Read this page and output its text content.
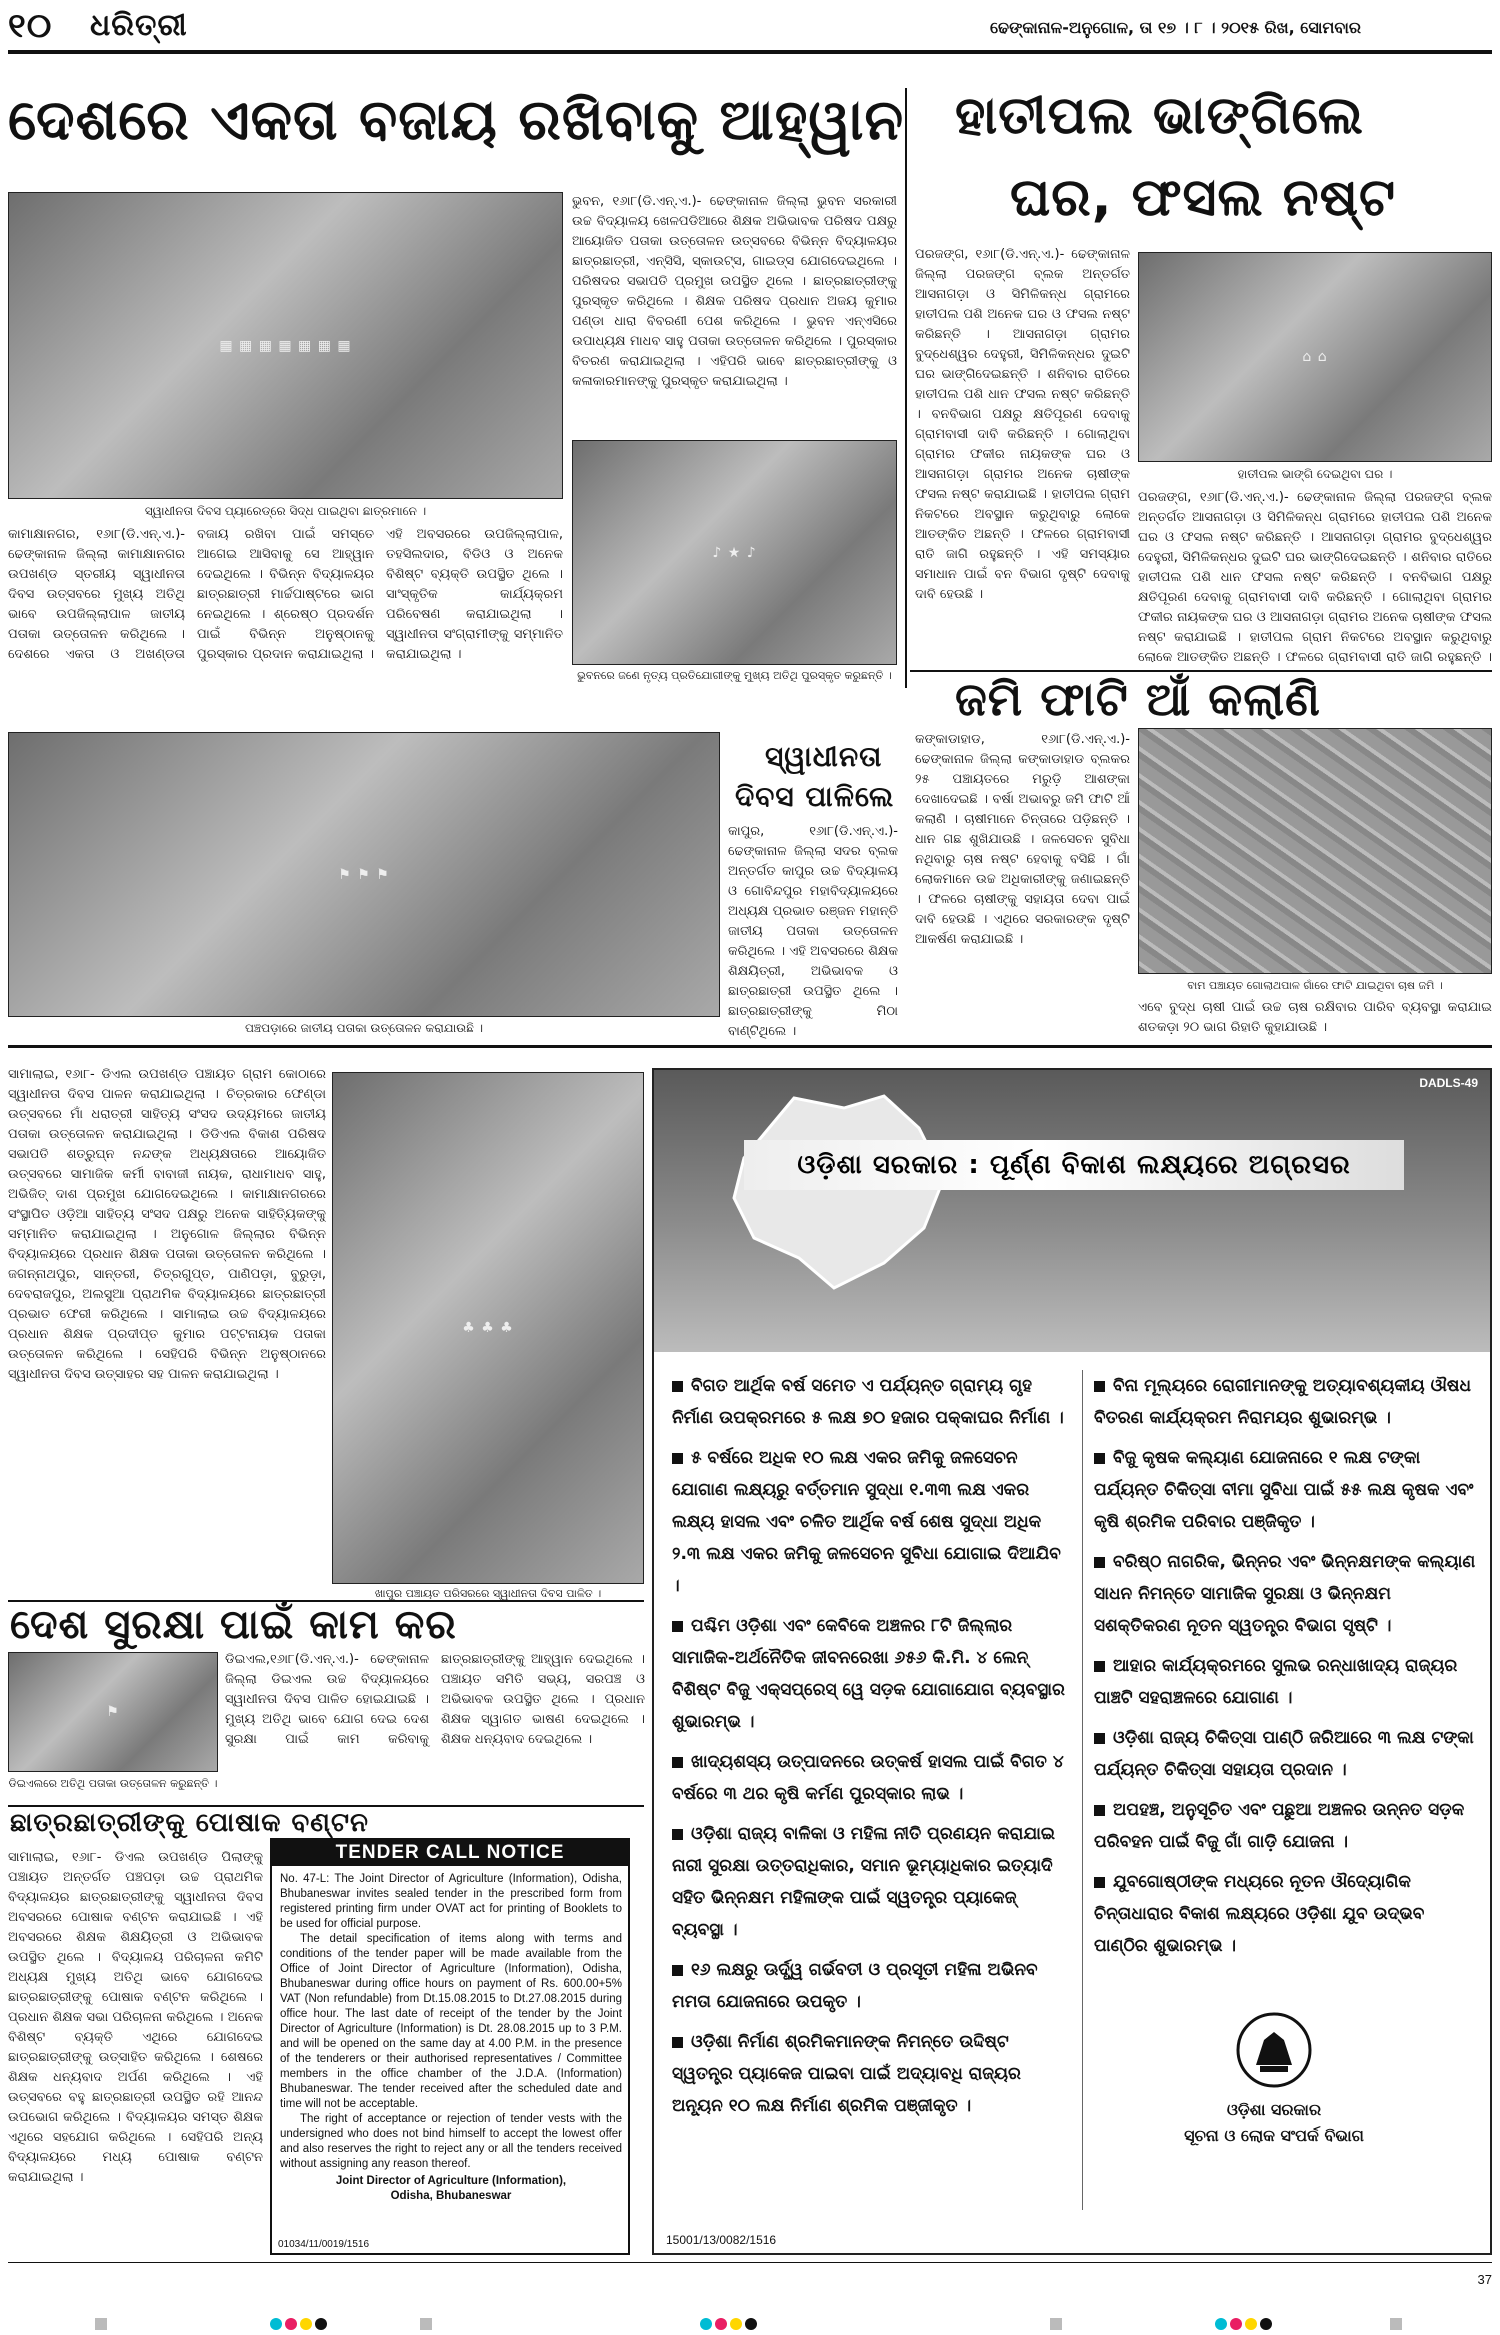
୧୦ ଧରିତ୍ରୀ	ଢେଙ୍କାନାଳ-ଅନୁଗୋଳ, ତା ୧୭ । ୮ । ୨୦୧୫ ରିଖ, ସୋମବାର
ଦେଶରେ ଏକତା ବଜାୟ ରଖିବାକୁ ଆହ୍ୱାନ ହାତୀପଲ ଭାଙ୍ଗିଲେ
ଘର, ଫସଲ ନଷ୍ଟ
▦ ▦ ▦ ▦ ▦ ▦ ▦
ସ୍ୱାଧୀନତା ଦିବସ ପ୍ୟାରେଡ୍‌ରେ ସିଦ୍ଧ ପାଇଥିବା ଛାତ୍ରମାନେ ।
ଭୁବନ, ୧୬ା୮(ଡି.ଏନ୍‌.ଏ.)- ଢେଙ୍କାନାଳ ଜିଲ୍ଲା ଭୁବନ ସରକାରୀ ଉଚ୍ଚ ବିଦ୍ୟାଳୟ ଖେଳପଡିଆରେ ଶିକ୍ଷକ ଅଭିଭାବକ ପରିଷଦ ପକ୍ଷରୁ ଆୟୋଜିତ ପତାକା ଉତ୍ତୋଳନ ଉତ୍ସବରେ ବିଭିନ୍ନ ବିଦ୍ୟାଳୟର ଛାତ୍ରଛାତ୍ରୀ, ଏନ୍‌ସିସି, ସ୍କାଉଟ୍ସ, ଗାଇଡ୍ସ ଯୋଗଦେଇଥିଲେ । ପରିଷଦର ସଭାପତି ପ୍ରମୁଖ ଉପସ୍ଥିତ ଥିଲେ । ଛାତ୍ରଛାତ୍ରୀଙ୍କୁ ପୁରସ୍କୃତ କରିଥିଲେ । ଶିକ୍ଷକ ପରିଷଦ ପ୍ରଧାନ ଅଜୟ କୁମାର ପଣ୍ଡା ଧାରା ବିବରଣୀ ପେଶ କରିଥିଲେ । ଭୁବନ ଏନ୍‌ଏସିରେ ଉପାଧ୍ୟକ୍ଷ ମାଧବ ସାହୁ ପତାକା ଉତ୍ତୋଳନ କରିଥିଲେ । ପୁରସ୍କାର ବିତରଣ କରାଯାଇଥିଲା । ଏହିପରି ଭାବେ ଛାତ୍ରଛାତ୍ରୀଙ୍କୁ ଓ କଳାକାରମାନଙ୍କୁ ପୁରସ୍କୃତ କରାଯାଇଥିଲା ।
♪ ★ ♪
ଭୁବନରେ ଜଣେ ନୃତ୍ୟ ପ୍ରତିଯୋଗୀଙ୍କୁ ମୁଖ୍ୟ ଅତିଥି ପୁରସ୍କୃତ କରୁଛନ୍ତି ।
କାମାକ୍ଷାନଗର, ୧୬ା୮(ଡି.ଏନ୍‌.ଏ.)- ଢେଙ୍କାନାଳ ଜିଲ୍ଲା କାମାକ୍ଷାନଗର ଉପଖଣ୍ଡ ସ୍ତରୀୟ ସ୍ୱାଧୀନତା ଦିବସ ଉତ୍ସବରେ ମୁଖ୍ୟ ଅତିଥି ଭାବେ ଉପଜିଲ୍ଲାପାଳ ଜାତୀୟ ପତାକା ଉତ୍ତୋଳନ କରିଥିଲେ । ଦେଶରେ ଏକତା ଓ ଅଖଣ୍ଡତା ବଜାୟ ରଖିବା ପାଇଁ ସମସ୍ତେ ଆଗେଇ ଆସିବାକୁ ସେ ଆହ୍ୱାନ ଦେଇଥିଲେ । ବିଭିନ୍ନ ବିଦ୍ୟାଳୟର ଛାତ୍ରଛାତ୍ରୀ ମାର୍ଚ୍ଚପାଷ୍ଟରେ ଭାଗ ନେଇଥିଲେ । ଶ୍ରେଷ୍ଠ ପ୍ରଦର୍ଶନ ପାଇଁ ବିଭିନ୍ନ ଅନୁଷ୍ଠାନକୁ ପୁରସ୍କାର ପ୍ରଦାନ କରାଯାଇଥିଲା । ଏହି ଅବସରରେ ଉପଜିଲ୍ଲାପାଳ, ତହସିଲଦାର, ବିଡିଓ ଓ ଅନେକ ବିଶିଷ୍ଟ ବ୍ୟକ୍ତି ଉପସ୍ଥିତ ଥିଲେ । ସାଂସ୍କୃତିକ କାର୍ଯ୍ୟକ୍ରମ ପରିବେଷଣ କରାଯାଇଥିଲା । ସ୍ୱାଧୀନତା ସଂଗ୍ରାମୀଙ୍କୁ ସମ୍ମାନିତ କରାଯାଇଥିଲା ।
ପରଜଙ୍ଗ, ୧୬ା୮(ଡି.ଏନ୍‌.ଏ.)- ଢେଙ୍କାନାଳ ଜିଲ୍ଲା ପରଜଙ୍ଗ ବ୍ଲକ ଅନ୍ତର୍ଗତ ଆସନାଗଡ଼ା ଓ ସିମିଳିକନ୍ଧ ଗ୍ରାମରେ ହାତୀପଲ ପଶି ଅନେକ ଘର ଓ ଫସଲ ନଷ୍ଟ କରିଛନ୍ତି । ଆସନାଗଡ଼ା ଗ୍ରାମର ବୁଦ୍ଧେଶ୍ୱର ଦେହୁରୀ, ସିମିଳିକନ୍ଧର ଦୁଇଟି ଘର ଭାଙ୍ଗିଦେଇଛନ୍ତି । ଶନିବାର ରାତିରେ ହାତୀପଲ ପଶି ଧାନ ଫସଲ ନଷ୍ଟ କରିଛନ୍ତି । ବନବିଭାଗ ପକ୍ଷରୁ କ୍ଷତିପୂରଣ ଦେବାକୁ ଗ୍ରାମବାସୀ ଦାବି କରିଛନ୍ତି । ଗୋଲାଥିବା ଗ୍ରାମର ଫକୀର ନାୟକଙ୍କ ଘର ଓ ଆସନାଗଡ଼ା ଗ୍ରାମର ଅନେକ ଚାଷୀଙ୍କ ଫସଲ ନଷ୍ଟ କରାଯାଇଛି । ହାତୀପଲ ଗ୍ରାମ ନିକଟରେ ଅବସ୍ଥାନ କରୁଥିବାରୁ ଲୋକେ ଆତଙ୍କିତ ଅଛନ୍ତି । ଫଳରେ ଗ୍ରାମବାସୀ ରାତି ଜାଗି ରହୁଛନ୍ତି । ଏହି ସମସ୍ୟାର ସମାଧାନ ପାଇଁ ବନ ବିଭାଗ ଦୃଷ୍ଟି ଦେବାକୁ ଦାବି ହେଉଛି ।
⌂ ⌂
ହାତୀପଲ ଭାଙ୍ଗି ଦେଇଥିବା ଘର ।
ପରଜଙ୍ଗ, ୧୬ା୮(ଡି.ଏନ୍‌.ଏ.)- ଢେଙ୍କାନାଳ ଜିଲ୍ଲା ପରଜଙ୍ଗ ବ୍ଲକ ଅନ୍ତର୍ଗତ ଆସନାଗଡ଼ା ଓ ସିମିଳିକନ୍ଧ ଗ୍ରାମରେ ହାତୀପଲ ପଶି ଅନେକ ଘର ଓ ଫସଲ ନଷ୍ଟ କରିଛନ୍ତି । ଆସନାଗଡ଼ା ଗ୍ରାମର ବୁଦ୍ଧେଶ୍ୱର ଦେହୁରୀ, ସିମିଳିକନ୍ଧର ଦୁଇଟି ଘର ଭାଙ୍ଗିଦେଇଛନ୍ତି । ଶନିବାର ରାତିରେ ହାତୀପଲ ପଶି ଧାନ ଫସଲ ନଷ୍ଟ କରିଛନ୍ତି । ବନବିଭାଗ ପକ୍ଷରୁ କ୍ଷତିପୂରଣ ଦେବାକୁ ଗ୍ରାମବାସୀ ଦାବି କରିଛନ୍ତି । ଗୋଲାଥିବା ଗ୍ରାମର ଫକୀର ନାୟକଙ୍କ ଘର ଓ ଆସନାଗଡ଼ା ଗ୍ରାମର ଅନେକ ଚାଷୀଙ୍କ ଫସଲ ନଷ୍ଟ କରାଯାଇଛି । ହାତୀପଲ ଗ୍ରାମ ନିକଟରେ ଅବସ୍ଥାନ କରୁଥିବାରୁ ଲୋକେ ଆତଙ୍କିତ ଅଛନ୍ତି । ଫଳରେ ଗ୍ରାମବାସୀ ରାତି ଜାଗି ରହୁଛନ୍ତି ।
ଜମି ଫାଟି ଆଁ କଲାଣି
⚑ ⚑ ⚑
ପଞ୍ଚପଡ଼ାରେ ଜାତୀୟ ପତାକା ଉତ୍ତୋଳନ କରାଯାଉଛି ।
ସ୍ୱାଧୀନତା
ଦିବସ ପାଳିଲେ
କାପୁର, ୧୬ା୮(ଡି.ଏନ୍‌.ଏ.)- ଢେଙ୍କାନାଳ ଜିଲ୍ଲା ସଦର ବ୍ଲକ ଅନ୍ତର୍ଗତ କାପୁର ଉଚ୍ଚ ବିଦ୍ୟାଳୟ ଓ ଗୋବିନ୍ଦପୁର ମହାବିଦ୍ୟାଳୟରେ ଅଧ୍ୟକ୍ଷ ପ୍ରଭାତ ରଞ୍ଜନ ମହାନ୍ତି ଜାତୀୟ ପତାକା ଉତ୍ତୋଳନ କରିଥିଲେ । ଏହି ଅବସରରେ ଶିକ୍ଷକ ଶିକ୍ଷୟିତ୍ରୀ, ଅଭିଭାବକ ଓ ଛାତ୍ରଛାତ୍ରୀ ଉପସ୍ଥିତ ଥିଲେ । ଛାତ୍ରଛାତ୍ରୀଙ୍କୁ ମିଠା ବାଣ୍ଟିଥିଲେ ।
କଙ୍କାଡାହାଡ, ୧୬ା୮(ଡି.ଏନ୍‌.ଏ.)- ଢେଙ୍କାନାଳ ଜିଲ୍ଲା କଙ୍କାଡାହାଡ ବ୍ଲକର ୨୫ ପଞ୍ଚାୟତରେ ମରୁଡ଼ି ଆଶଙ୍କା ଦେଖାଦେଇଛି । ବର୍ଷା ଅଭାବରୁ ଜମି ଫାଟି ଆଁ କଲାଣି । ଚାଷୀମାନେ ଚିନ୍ତାରେ ପଡ଼ିଛନ୍ତି । ଧାନ ଗଛ ଶୁଖିଯାଉଛି । ଜଳସେଚନ ସୁବିଧା ନଥିବାରୁ ଚାଷ ନଷ୍ଟ ହେବାକୁ ବସିଛି । ଗାଁ ଲୋକମାନେ ଉଚ୍ଚ ଅଧିକାରୀଙ୍କୁ ଜଣାଇଛନ୍ତି । ଫଳରେ ଚାଷୀଙ୍କୁ ସହାୟତା ଦେବା ପାଇଁ ଦାବି ହେଉଛି । ଏଥିରେ ସରକାରଙ୍କ ଦୃଷ୍ଟି ଆକର୍ଷଣ କରାଯାଇଛି ।
ବାମ ପଞ୍ଚାୟତ ଗୋଲାଥପାଳ ଗାଁରେ ଫାଟି ଯାଇଥିବା ଚାଷ ଜମି ।
ଏବେ ବୁଦ୍ଧ ଚାଷୀ ପାଇଁ ଉଚ୍ଚ ଚାଷ ରକ୍ଷିବାର ପାରିବ ବ୍ୟବସ୍ଥା କରାଯାଇ ଶତକଡ଼ା ୨୦ ଭାଗ ରିହାତି କୁହାଯାଉଛି ।
ସାମାଲାଇ, ୧୬ା୮- ଡିଏଲ ଉପଖଣ୍ଡ ପଞ୍ଚାୟତ ଗ୍ରାମ କୋଠାରେ ସ୍ୱାଧୀନତା ଦିବସ ପାଳନ କରାଯାଇଥିଲା । ଚିତ୍ରକାର ଫେଣ୍ଡା ଉତ୍ସବରେ ମାଁ ଧରାତ୍ରୀ ସାହିତ୍ୟ ସଂସଦ ଉଦ୍ୟମରେ ଜାତୀୟ ପତାକା ଉତ୍ତୋଳନ କରାଯାଇଥିଲା । ଡିଡିଏଲ ବିକାଶ ପରିଷଦ ସଭାପତି ଶତ୍ରୁଘ୍ନ ନନ୍ଦଙ୍କ ଅଧ୍ୟକ୍ଷତାରେ ଆୟୋଜିତ ଉତ୍ସବରେ ସାମାଜିକ କର୍ମୀ ବାବାଜୀ ନାୟକ, ରାଧାମାଧବ ସାହୁ, ଅଭିଜିତ୍‌ ଦାଶ ପ୍ରମୁଖ ଯୋଗଦେଇଥିଲେ । କାମାକ୍ଷାନଗରରେ ସଂସ୍ଥାପିତ ଓଡ଼ିଆ ସାହିତ୍ୟ ସଂସଦ ପକ୍ଷରୁ ଅନେକ ସାହିତ୍ୟିକଙ୍କୁ ସମ୍ମାନିତ କରାଯାଇଥିଲା । ଅନୁଗୋଳ ଜିଲ୍ଲାର ବିଭିନ୍ନ ବିଦ୍ୟାଳୟରେ ପ୍ରଧାନ ଶିକ୍ଷକ ପତାକା ଉତ୍ତୋଳନ କରିଥିଲେ । ଜଗନ୍ନାଥପୁର, ସାନ୍ତରୀ, ଚିତ୍ରଗୁପ୍ତ, ପାଣିପଡ଼ା, ବୁରୁଡ଼ା, ଦେବରାଜପୁର, ଅଲସୁଆ ପ୍ରାଥମିକ ବିଦ୍ୟାଳୟରେ ଛାତ୍ରଛାତ୍ରୀ ପ୍ରଭାତ ଫେରୀ କରିଥିଲେ । ସାମାଲାଇ ଉଚ୍ଚ ବିଦ୍ୟାଳୟରେ ପ୍ରଧାନ ଶିକ୍ଷକ ପ୍ରଦୀପ୍ତ କୁମାର ପଟ୍ଟନାୟକ ପତାକା ଉତ୍ତୋଳନ କରିଥିଲେ । ସେହିପରି ବିଭିନ୍ନ ଅନୁଷ୍ଠାନରେ ସ୍ୱାଧୀନତା ଦିବସ ଉତ୍ସାହର ସହ ପାଳନ କରାଯାଇଥିଲା ।
♣ ♣ ♣
ଖାପୁର ପଞ୍ଚାୟତ ପରିସରରେ ସ୍ୱାଧୀନତା ଦିବସ ପାଳିତ ।
ଦେଶ ସୁରକ୍ଷା ପାଇଁ କାମ କର
⚑
ଡିଇଏଲରେ ଅତିଥି ପତାକା ଉତ୍ତୋଳନ କରୁଛନ୍ତି ।
ଡିଇଏଲ,୧୬ା୮(ଡି.ଏନ୍‌.ଏ.)- ଢେଙ୍କାନାଳ ଜିଲ୍ଲା ଡିଇଏଲ ଉଚ୍ଚ ବିଦ୍ୟାଳୟରେ ସ୍ୱାଧୀନତା ଦିବସ ପାଳିତ ହୋଇଯାଇଛି । ମୁଖ୍ୟ ଅତିଥି ଭାବେ ଯୋଗ ଦେଇ ଦେଶ ସୁରକ୍ଷା ପାଇଁ କାମ କରିବାକୁ ଛାତ୍ରଛାତ୍ରୀଙ୍କୁ ଆହ୍ୱାନ ଦେଇଥିଲେ । ପଞ୍ଚାୟତ ସମିତି ସଭ୍ୟ, ସରପଞ୍ଚ ଓ ଅଭିଭାବକ ଉପସ୍ଥିତ ଥିଲେ । ପ୍ରଧାନ ଶିକ୍ଷକ ସ୍ୱାଗତ ଭାଷଣ ଦେଇଥିଲେ । ଶିକ୍ଷକ ଧନ୍ୟବାଦ ଦେଇଥିଲେ ।
ଛାତ୍ରଛାତ୍ରୀଙ୍କୁ ପୋଷାକ ବଣ୍ଟନ
ସାମାଲାଇ, ୧୬ା୮- ଡିଏଲ ଉପଖଣ୍ଡ ପିଲାଙ୍କୁ ପଞ୍ଚାୟତ ଅନ୍ତର୍ଗତ ପଞ୍ଚପଡ଼ା ଉଚ୍ଚ ପ୍ରାଥମିକ ବିଦ୍ୟାଳୟର ଛାତ୍ରଛାତ୍ରୀଙ୍କୁ ସ୍ୱାଧୀନତା ଦିବସ ଅବସରରେ ପୋଷାକ ବଣ୍ଟନ କରାଯାଇଛି । ଏହି ଅବସରରେ ଶିକ୍ଷକ ଶିକ୍ଷୟିତ୍ରୀ ଓ ଅଭିଭାବକ ଉପସ୍ଥିତ ଥିଲେ । ବିଦ୍ୟାଳୟ ପରିଚାଳନା କମିଟି ଅଧ୍ୟକ୍ଷ ମୁଖ୍ୟ ଅତିଥି ଭାବେ ଯୋଗଦେଇ ଛାତ୍ରଛାତ୍ରୀଙ୍କୁ ପୋଷାକ ବଣ୍ଟନ କରିଥିଲେ । ପ୍ରଧାନ ଶିକ୍ଷକ ସଭା ପରିଚାଳନା କରିଥିଲେ । ଅନେକ ବିଶିଷ୍ଟ ବ୍ୟକ୍ତି ଏଥିରେ ଯୋଗଦେଇ ଛାତ୍ରଛାତ୍ରୀଙ୍କୁ ଉତ୍ସାହିତ କରିଥିଲେ । ଶେଷରେ ଶିକ୍ଷକ ଧନ୍ୟବାଦ ଅର୍ପଣ କରିଥିଲେ । ଏହି ଉତ୍ସବରେ ବହୁ ଛାତ୍ରଛାତ୍ରୀ ଉପସ୍ଥିତ ରହି ଆନନ୍ଦ ଉପଭୋଗ କରିଥିଲେ । ବିଦ୍ୟାଳୟର ସମସ୍ତ ଶିକ୍ଷକ ଏଥିରେ ସହଯୋଗ କରିଥିଲେ । ସେହିପରି ଅନ୍ୟ ବିଦ୍ୟାଳୟରେ ମଧ୍ୟ ପୋଷାକ ବଣ୍ଟନ କରାଯାଇଥିଲା ।
TENDER CALL NOTICE

No. 47-L: The Joint Director of Agriculture (Information), Odisha, Bhubaneswar invites sealed tender in the prescribed form from registered printing firm under OVAT act for printing of Booklets to be used for official purpose.

The detail specification of items along with terms and conditions of the tender paper will be made available from the Office of Joint Director of Agriculture (Information), Odisha, Bhubaneswar during office hours on payment of Rs. 600.00+5% VAT (Non refundable) from Dt.15.08.2015 to Dt.27.08.2015 during office hour. The last date of receipt of the tender by the Joint Director of Agriculture (Information) is Dt. 28.08.2015 up to 3 P.M. and will be opened on the same day at 4.00 P.M. in the presence of the tenderers or their authorised representatives / Committee members in the office chamber of the J.D.A. (Information) Bhubaneswar. The tender received after the scheduled date and time will not be acceptable.

The right of acceptance or rejection of tender vests with the undersigned who does not bind himself to accept the lowest offer and also reserves the right to reject any or all the tenders received without assigning any reason thereof.

Joint Director of Agriculture (Information),

Odisha, Bhubaneswar

01034/11/0019/1516
DADLS-49
ଓଡ଼ିଶା ସରକାର : ପୂର୍ଣ୍ଣ ବିକାଶ ଲକ୍ଷ୍ୟରେ ଅଗ୍ରସର
ବିଗତ ଆର୍ଥିକ ବର୍ଷ ସମେତ ଏ ପର୍ଯ୍ୟନ୍ତ ଗ୍ରାମ୍ୟ ଗୃହ ନିର୍ମାଣ ଉପକ୍ରମରେ ୫ ଲକ୍ଷ ୭୦ ହଜାର ପକ୍କାଘର ନିର୍ମାଣ ।
୫ ବର୍ଷରେ ଅଧିକ ୧୦ ଲକ୍ଷ ଏକର ଜମିକୁ ଜଳସେଚନ ଯୋଗାଣ ଲକ୍ଷ୍ୟରୁ ବର୍ତ୍ତମାନ ସୁଦ୍ଧା ୧.୩୩ ଲକ୍ଷ ଏକର ଲକ୍ଷ୍ୟ ହାସଲ ଏବଂ ଚଳିତ ଆର୍ଥିକ ବର୍ଷ ଶେଷ ସୁଦ୍ଧା ଅଧିକ ୨.୩ ଲକ୍ଷ ଏକର ଜମିକୁ ଜଳସେଚନ ସୁବିଧା ଯୋଗାଇ ଦିଆଯିବ ।
ପଶ୍ଚିମ ଓଡ଼ିଶା ଏବଂ କେବିକେ ଅଞ୍ଚଳର ୮ଟି ଜିଲ୍ଲାର ସାମାଜିକ-ଅର୍ଥନୈତିକ ଜୀବନରେଖା ୬୫୬ କି.ମି. ୪ ଲେନ୍ ବିଶିଷ୍ଟ ବିଜୁ ଏକ୍ସପ୍ରେସ୍ ୱେ ସଡ଼କ ଯୋଗାଯୋଗ ବ୍ୟବସ୍ଥାର ଶୁଭାରମ୍ଭ ।
ଖାଦ୍ୟଶସ୍ୟ ଉତ୍ପାଦନରେ ଉତ୍କର୍ଷ ହାସଲ ପାଇଁ ବିଗତ ୪ ବର୍ଷରେ ୩ ଥର କୃଷି କର୍ମଣ ପୁରସ୍କାର ଲାଭ ।
ଓଡ଼ିଶା ରାଜ୍ୟ ବାଳିକା ଓ ମହିଳା ନୀତି ପ୍ରଣୟନ କରାଯାଇ ନାରୀ ସୁରକ୍ଷା ଉତ୍ତରାଧିକାର, ସମାନ ଭୂମ୍ୟାଧିକାର ଇତ୍ୟାଦି ସହିତ ଭିନ୍ନକ୍ଷମ ମହିଳାଙ୍କ ପାଇଁ ସ୍ୱତନ୍ତ୍ର ପ୍ୟାକେଜ୍ ବ୍ୟବସ୍ଥା ।
୧୬ ଲକ୍ଷରୁ ଊର୍ଦ୍ଧ୍ୱ ଗର୍ଭବତୀ ଓ ପ୍ରସୂତୀ ମହିଳା ଅଭିନବ ମମତା ଯୋଜନାରେ ଉପକୃତ ।
ଓଡ଼ିଶା ନିର୍ମାଣ ଶ୍ରମିକମାନଙ୍କ ନିମନ୍ତେ ଉଦ୍ଦିଷ୍ଟ ସ୍ୱତନ୍ତ୍ର ପ୍ୟାକେଜ ପାଇବା ପାଇଁ ଅଦ୍ୟାବଧି ରାଜ୍ୟର ଅନ୍ୟୂନ ୧୦ ଲକ୍ଷ ନିର୍ମାଣ ଶ୍ରମିକ ପଞ୍ଜୀକୃତ ।
ବିନା ମୂଲ୍ୟରେ ରୋଗୀମାନଙ୍କୁ ଅତ୍ୟାବଶ୍ୟକୀୟ ଔଷଧ ବିତରଣ କାର୍ଯ୍ୟକ୍ରମ ନିରାମୟର ଶୁଭାରମ୍ଭ ।
ବିଜୁ କୃଷକ କଲ୍ୟାଣ ଯୋଜନାରେ ୧ ଲକ୍ଷ ଟଙ୍କା ପର୍ଯ୍ୟନ୍ତ ଚିକିତ୍ସା ବୀମା ସୁବିଧା ପାଇଁ ୫୫ ଲକ୍ଷ କୃଷକ ଏବଂ କୃଷି ଶ୍ରମିକ ପରିବାର ପଞ୍ଜିକୃତ ।
ବରିଷ୍ଠ ନାଗରିକ, ଭିନ୍ନର ଏବଂ ଭିନ୍ନକ୍ଷମଙ୍କ କଲ୍ୟାଣ ସାଧନ ନିମନ୍ତେ ସାମାଜିକ ସୁରକ୍ଷା ଓ ଭିନ୍ନକ୍ଷମ ସଶକ୍ତିକରଣ ନୂତନ ସ୍ୱତନ୍ତ୍ର ବିଭାଗ ସୃଷ୍ଟି ।
ଆହାର କାର୍ଯ୍ୟକ୍ରମରେ ସୁଲଭ ରନ୍ଧାଖାଦ୍ୟ ରାଜ୍ୟର ପାଞ୍ଚଟି ସହରାଞ୍ଚଳରେ ଯୋଗାଣ ।
ଓଡ଼ିଶା ରାଜ୍ୟ ଚିକିତ୍ସା ପାଣ୍ଠି ଜରିଆରେ ୩ ଲକ୍ଷ ଟଙ୍କା ପର୍ଯ୍ୟନ୍ତ ଚିକିତ୍ସା ସହାୟତା ପ୍ରଦାନ ।
ଅପହଞ୍ଚ, ଅନୁସୂଚିତ ଏବଂ ପଛୁଆ ଅଞ୍ଚଳର ଉନ୍ନତ ସଡ଼କ ପରିବହନ ପାଇଁ ବିଜୁ ଗାଁ ଗାଡ଼ି ଯୋଜନା ।
ଯୁବଗୋଷ୍ଠୀଙ୍କ ମଧ୍ୟରେ ନୂତନ ଔଦ୍ୟୋଗିକ ଚିନ୍ତାଧାରାର ବିକାଶ ଲକ୍ଷ୍ୟରେ ଓଡ଼ିଶା ଯୁବ ଉଦ୍ଭବ ପାଣ୍ଠିର ଶୁଭାରମ୍ଭ ।
ଓଡ଼ିଶା ସରକାର
ସୂଚନା ଓ ଲୋକ ସଂପର୍କ ବିଭାଗ
15001/13/0082/1516
37
